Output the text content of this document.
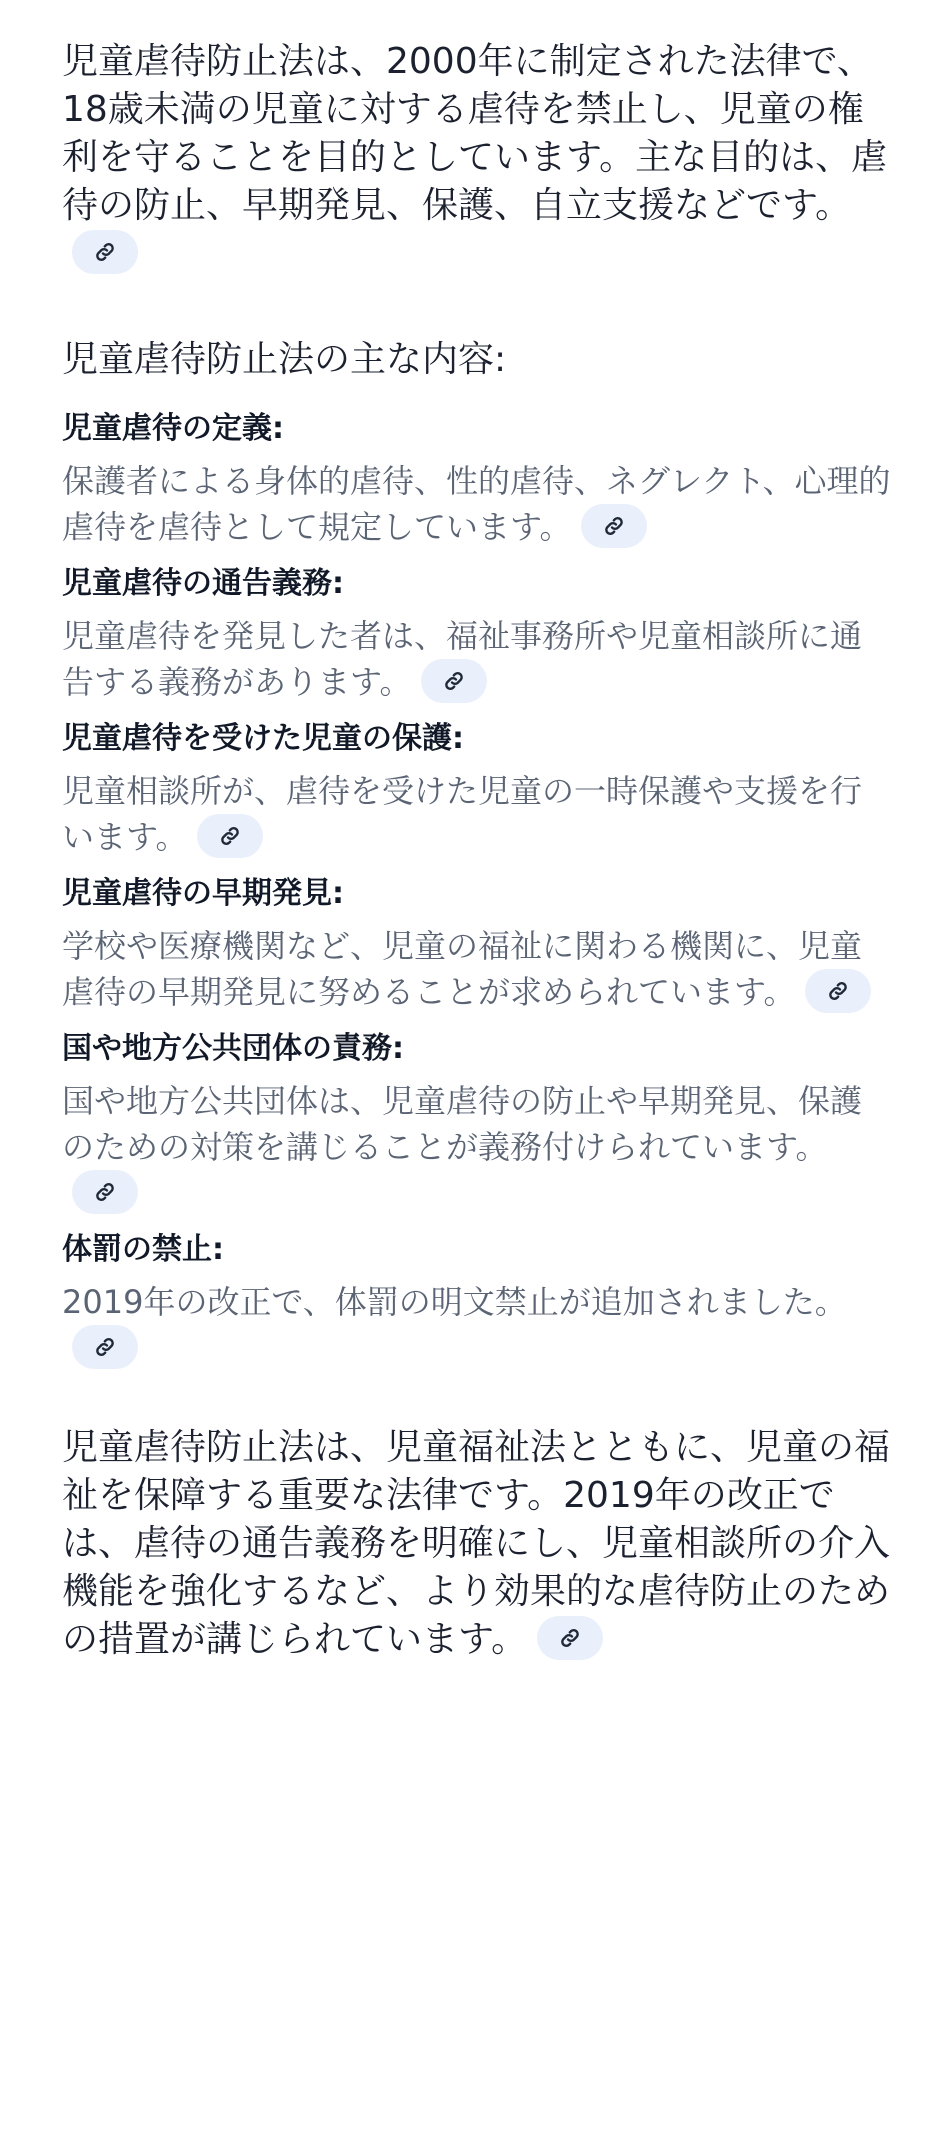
児童虐待防止法は、2000年に制定された法律で、18歳未満の児童に対する虐待を禁止し、児童の権利を守ることを目的としています。主な目的は、虐待の防止、早期発見、保護、自立支援などです。

児童虐待防止法の主な内容:

児童虐待の定義:

保護者による身体的虐待、性的虐待、ネグレクト、心理的虐待を虐待として規定しています。

児童虐待の通告義務:

児童虐待を発見した者は、福祉事務所や児童相談所に通告する義務があります。

児童虐待を受けた児童の保護:

児童相談所が、虐待を受けた児童の一時保護や支援を行います。

児童虐待の早期発見:

学校や医療機関など、児童の福祉に関わる機関に、児童虐待の早期発見に努めることが求められています。

国や地方公共団体の責務:

国や地方公共団体は、児童虐待の防止や早期発見、保護のための対策を講じることが義務付けられています。

体罰の禁止:

2019年の改正で、体罰の明文禁止が追加されました。

児童虐待防止法は、児童福祉法とともに、児童の福祉を保障する重要な法律です。2019年の改正では、虐待の通告義務を明確にし、児童相談所の介入機能を強化するなど、より効果的な虐待防止のための措置が講じられています。
